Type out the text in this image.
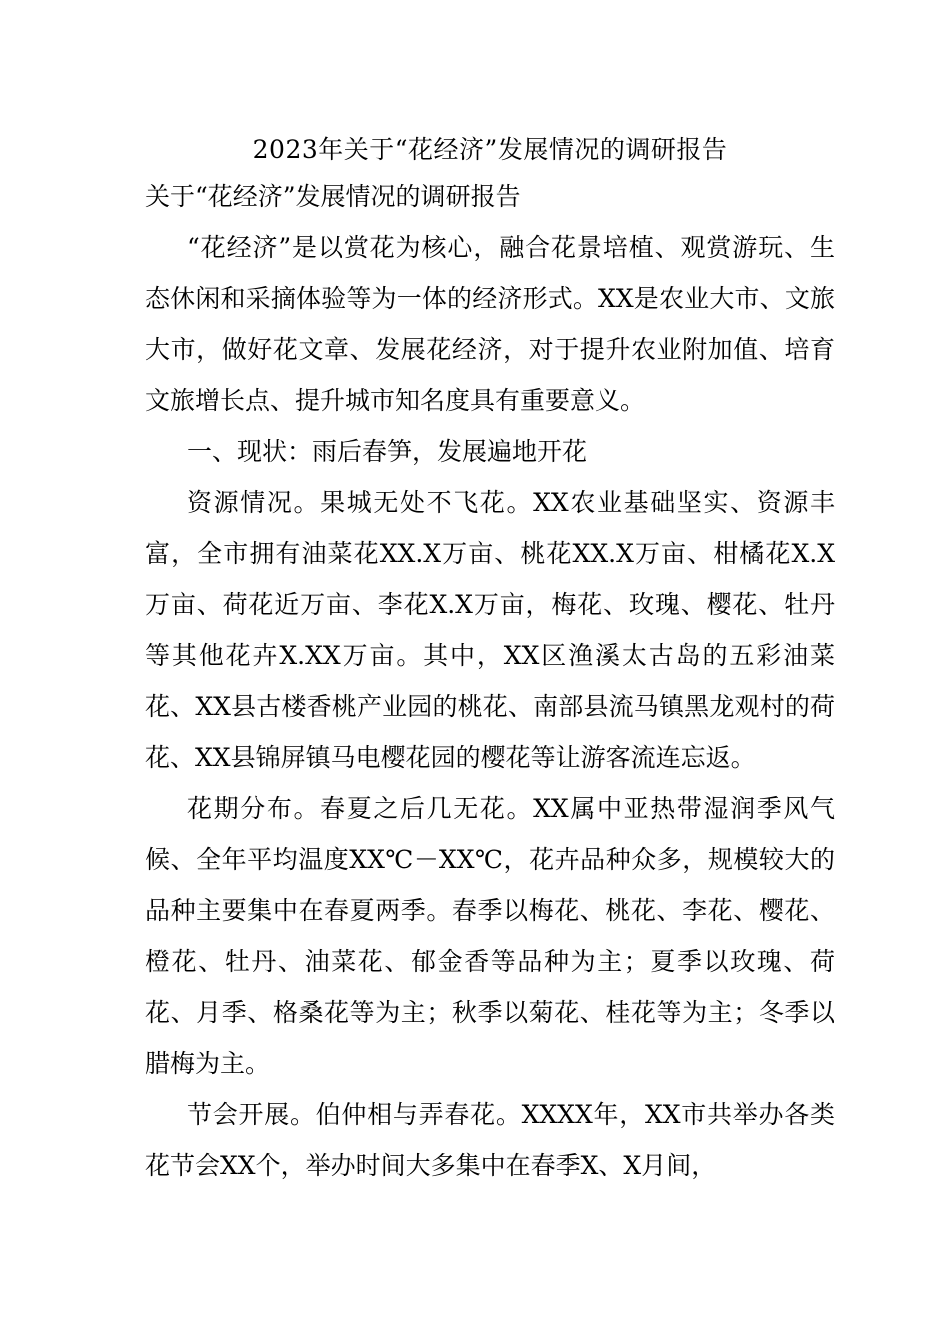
2023年关于“花经济”发展情况的调研报告

关于“花经济”发展情况的调研报告

“花经济”是以赏花为核心，融合花景培植、观赏游玩、生态休闲和采摘体验等为一体的经济形式。XX是农业大市、文旅大市，做好花文章、发展花经济，对于提升农业附加值、培育文旅增长点、提升城市知名度具有重要意义。

一、现状：雨后春笋，发展遍地开花

资源情况。果城无处不飞花。XX农业基础坚实、资源丰富，全市拥有油菜花XX.X万亩、桃花XX.X万亩、柑橘花X.X万亩、荷花近万亩、李花X.X万亩，梅花、玫瑰、樱花、牡丹等其他花卉X.XX万亩。其中，XX区渔溪太古岛的五彩油菜花、XX县古楼香桃产业园的桃花、南部县流马镇黑龙观村的荷花、XX县锦屏镇马电樱花园的樱花等让游客流连忘返。

花期分布。春夏之后几无花。XX属中亚热带湿润季风气候、全年平均温度XX℃－XX℃，花卉品种众多，规模较大的品种主要集中在春夏两季。春季以梅花、桃花、李花、樱花、橙花、牡丹、油菜花、郁金香等品种为主；夏季以玫瑰、荷花、月季、格桑花等为主；秋季以菊花、桂花等为主；冬季以腊梅为主。

节会开展。伯仲相与弄春花。XXXX年，XX市共举办各类花节会XX个，举办时间大多集中在春季X、X月间，
